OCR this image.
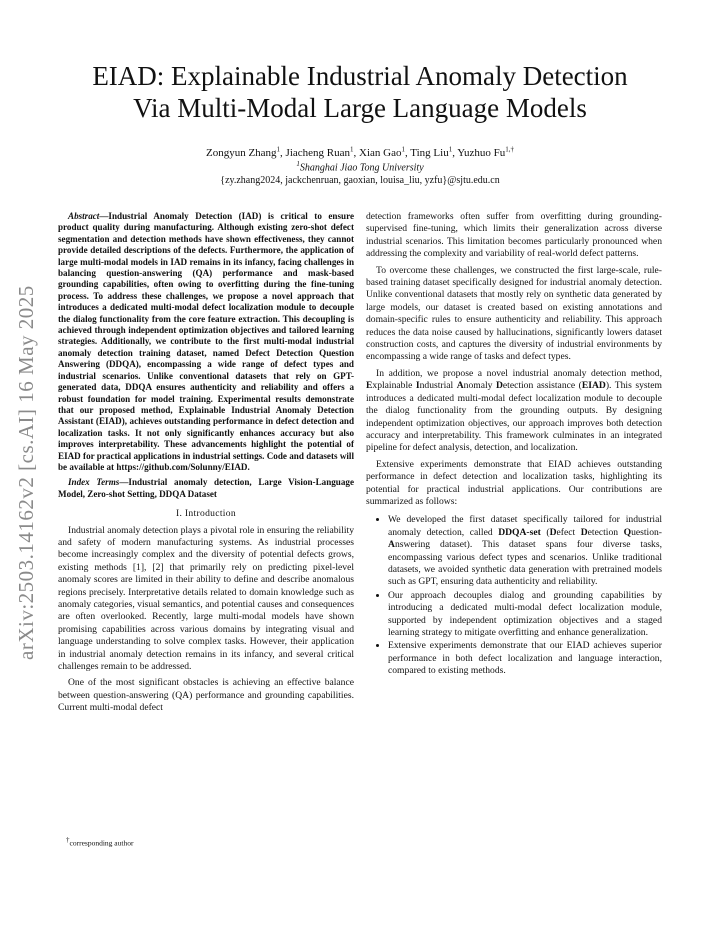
arXiv:2503.14162v2 [cs.AI] 16 May 2025
EIAD: Explainable Industrial Anomaly Detection
Via Multi-Modal Large Language Models
Zongyun Zhang$^1$, Jiacheng Ruan$^1$, Xian Gao$^1$, Ting Liu$^1$, Yuzhuo $Fu^{1,\dagger}$
$^1$Shanghai Jiao Tong University
{zy.zhang2024, jackchenruan, gaoxian, louisa_liu, yzfu}@sjtu.edu.cn

Abstract—Industrial Anomaly Detection (IAD) is critical to ensure product quality during manufacturing. Although existing zero-shot defect segmentation and detection methods have shown effectiveness, they cannot provide detailed descriptions of the defects. Furthermore, the application of large multi-modal models in IAD remains in its infancy, facing challenges in balancing question-answering (QA) performance and mask-based grounding capabilities, often owing to overfitting during the fine-tuning process. To address these challenges, we propose a novel approach that introduces a dedicated multi-modal defect localization module to decouple the dialog functionality from the core feature extraction. This decoupling is achieved through independent optimization objectives and tailored learning strategies. Additionally, we contribute to the first multi-modal industrial anomaly detection training dataset, named Defect Detection Question Answering (DDQA), encompassing a wide range of defect types and industrial scenarios. Unlike conventional datasets that rely on GPT-generated data, DDQA ensures authenticity and reliability and offers a robust foundation for model training. Experimental results demonstrate that our proposed method, Explainable Industrial Anomaly Detection Assistant (EIAD), achieves outstanding performance in defect detection and localization tasks. It not only significantly enhances accuracy but also improves interpretability. These advancements highlight the potential of EIAD for practical applications in industrial settings. Code and datasets will be available at https://github.com/Solunny/EIAD.

Index Terms—Industrial anomaly detection, Large Vision-Language Model, Zero-shot Setting, DDQA Dataset

I. Introduction

Industrial anomaly detection plays a pivotal role in ensuring the reliability and safety of modern manufacturing systems. As industrial processes become increasingly complex and the diversity of potential defects grows, existing methods [1], [2] that primarily rely on predicting pixel-level anomaly scores are limited in their ability to define and describe anomalous regions precisely. Interpretative details related to domain knowledge such as anomaly categories, visual semantics, and potential causes and consequences are often overlooked. Recently, large multi-modal models have shown promising capabilities across various domains by integrating visual and language understanding to solve complex tasks. However, their application in industrial anomaly detection remains in its infancy, and several critical challenges remain to be addressed.

One of the most significant obstacles is achieving an effective balance between question-answering (QA) performance and grounding capabilities. Current multi-modal defect

detection frameworks often suffer from overfitting during grounding-supervised fine-tuning, which limits their generalization across diverse industrial scenarios. This limitation becomes particularly pronounced when addressing the complexity and variability of real-world defect patterns.

To overcome these challenges, we constructed the first large-scale, rule-based training dataset specifically designed for industrial anomaly detection. Unlike conventional datasets that mostly rely on synthetic data generated by large models, our dataset is created based on existing annotations and domain-specific rules to ensure authenticity and reliability. This approach reduces the data noise caused by hallucinations, significantly lowers dataset construction costs, and captures the diversity of industrial environments by encompassing a wide range of tasks and defect types.

In addition, we propose a novel industrial anomaly detection method, Explainable Industrial Anomaly Detection assistance (EIAD). This system introduces a dedicated multi-modal defect localization module to decouple the dialog functionality from the grounding outputs. By designing independent optimization objectives, our approach improves both detection accuracy and interpretability. This framework culminates in an integrated pipeline for defect analysis, detection, and localization.

Extensive experiments demonstrate that EIAD achieves outstanding performance in defect detection and localization tasks, highlighting its potential for practical industrial applications. Our contributions are summarized as follows:

• We developed the first dataset specifically tailored for industrial anomaly detection, called DDQA-set (Defect Detection Question-Answering dataset). This dataset spans four diverse tasks, encompassing various defect types and scenarios. Unlike traditional datasets, we avoided synthetic data generation with pretrained models such as GPT, ensuring data authenticity and reliability.
• Our approach decouples dialog and grounding capabilities by introducing a dedicated multi-modal defect localization module, supported by independent optimization objectives and a staged learning strategy to mitigate overfitting and enhance generalization.
• Extensive experiments demonstrate that our EIAD achieves superior performance in both defect localization and language interaction, compared to existing methods.
†corresponding author
